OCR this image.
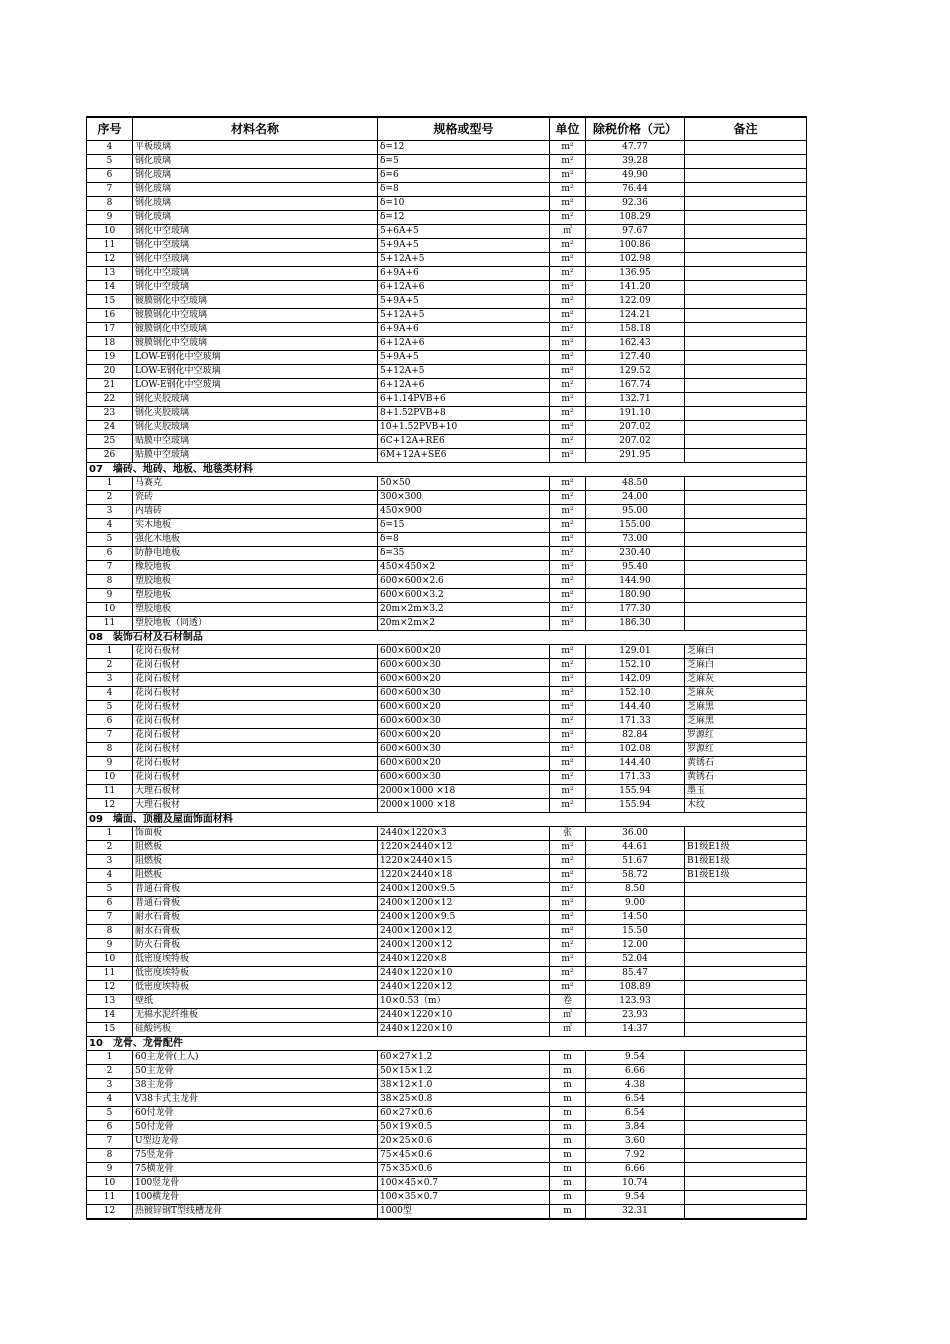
序号	材料名称	规格或型号	单位	除税价格（元）	备注
4	平板玻璃	δ=12	m²	47.77	
5	钢化玻璃	δ=5	m²	39.28	
6	钢化玻璃	δ=6	m²	49.90	
7	钢化玻璃	δ=8	m²	76.44	
8	钢化玻璃	δ=10	m²	92.36	
9	钢化玻璃	δ=12	m²	108.29	
10	钢化中空玻璃	5+6A+5	㎡	97.67	
11	钢化中空玻璃	5+9A+5	m²	100.86	
12	钢化中空玻璃	5+12A+5	m²	102.98	
13	钢化中空玻璃	6+9A+6	m²	136.95	
14	钢化中空玻璃	6+12A+6	m²	141.20	
15	镀膜钢化中空玻璃	5+9A+5	m²	122.09	
16	镀膜钢化中空玻璃	5+12A+5	m²	124.21	
17	镀膜钢化中空玻璃	6+9A+6	m²	158.18	
18	镀膜钢化中空玻璃	6+12A+6	m²	162.43	
19	LOW-E钢化中空玻璃	5+9A+5	m²	127.40	
20	LOW-E钢化中空玻璃	5+12A+5	m²	129.52	
21	LOW-E钢化中空玻璃	6+12A+6	m²	167.74	
22	钢化夹胶玻璃	6+1.14PVB+6	m²	132.71	
23	钢化夹胶玻璃	8+1.52PVB+8	m²	191.10	
24	钢化夹胶玻璃	10+1.52PVB+10	m²	207.02	
25	贴膜中空玻璃	6C+12A+RE6	m²	207.02	
26	贴膜中空玻璃	6M+12A+SE6	m²	291.95	
07　墙砖、地砖、地板、地毯类材料					
1	马赛克	50×50	m²	48.50	
2	瓷砖	300×300	m²	24.00	
3	内墙砖	450×900	m²	95.00	
4	实木地板	δ=15	m²	155.00	
5	强化木地板	δ=8	m²	73.00	
6	防静电地板	δ=35	m²	230.40	
7	橡胶地板	450×450×2	m²	95.40	
8	塑胶地板	600×600×2.6	m²	144.90	
9	塑胶地板	600×600×3.2	m²	180.90	
10	塑胶地板	20m×2m×3.2	m²	177.30	
11	塑胶地板（同透）	20m×2m×2	m²	186.30	
08　装饰石材及石材制品					
1	花岗石板材	600×600×20	m²	129.01	芝麻白
2	花岗石板材	600×600×30	m²	152.10	芝麻白
3	花岗石板材	600×600×20	m²	142.09	芝麻灰
4	花岗石板材	600×600×30	m²	152.10	芝麻灰
5	花岗石板材	600×600×20	m²	144.40	芝麻黑
6	花岗石板材	600×600×30	m²	171.33	芝麻黑
7	花岗石板材	600×600×20	m²	82.84	罗源红
8	花岗石板材	600×600×30	m²	102.08	罗源红
9	花岗石板材	600×600×20	m²	144.40	黄锈石
10	花岗石板材	600×600×30	m²	171.33	黄锈石
11	大理石板材	2000×1000 ×18	m²	155.94	墨玉
12	大理石板材	2000×1000 ×18	m²	155.94	木纹
09　墙面、顶棚及屋面饰面材料					
1	饰面板	2440×1220×3	张	36.00	
2	阻燃板	1220×2440×12	m²	44.61	B1级E1级
3	阻燃板	1220×2440×15	m²	51.67	B1级E1级
4	阻燃板	1220×2440×18	m²	58.72	B1级E1级
5	普通石膏板	2400×1200×9.5	m²	8.50	
6	普通石膏板	2400×1200×12	m²	9.00	
7	耐水石膏板	2400×1200×9.5	m²	14.50	
8	耐水石膏板	2400×1200×12	m²	15.50	
9	防火石膏板	2400×1200×12	m²	12.00	
10	低密度埃特板	2440×1220×8	m²	52.04	
11	低密度埃特板	2440×1220×10	m²	85.47	
12	低密度埃特板	2440×1220×12	m²	108.89	
13	壁纸	10×0.53（m）	卷	123.93	
14	无棉水泥纤维板	2440×1220×10	㎡	23.93	
15	硅酸钙板	2440×1220×10	㎡	14.37	
10　龙骨、龙骨配件					
1	60主龙骨(上人)	60×27×1.2	m	9.54	
2	50主龙骨	50×15×1.2	m	6.66	
3	38主龙骨	38×12×1.0	m	4.38	
4	V38卡式主龙骨	38×25×0.8	m	6.54	
5	60付龙骨	60×27×0.6	m	6.54	
6	50付龙骨	50×19×0.5	m	3.84	
7	U型边龙骨	20×25×0.6	m	3.60	
8	75竖龙骨	75×45×0.6	m	7.92	
9	75横龙骨	75×35×0.6	m	6.66	
10	100竖龙骨	100×45×0.7	m	10.74	
11	100横龙骨	100×35×0.7	m	9.54	
12	热镀锌钢T型线槽龙骨	1000型	m	32.31	
